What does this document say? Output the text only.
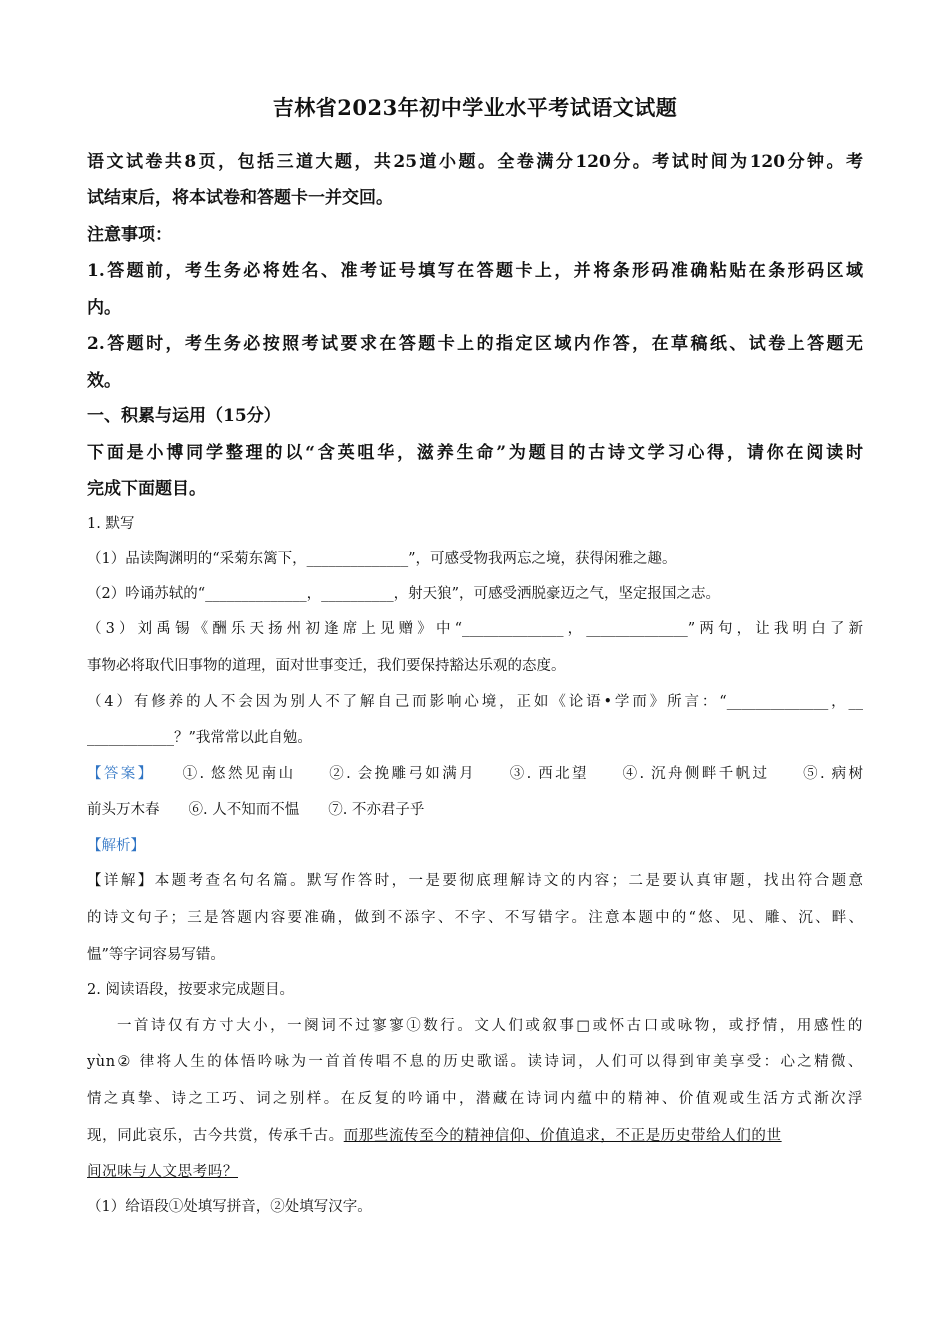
吉林省2023年初中学业水平考试语文试题
语文试卷共8页，包括三道大题，共25道小题。全卷满分120分。考试时间为120分钟。考
试结束后，将本试卷和答题卡一并交回。
注意事项：
1.答题前，考生务必将姓名、准考证号填写在答题卡上，并将条形码准确粘贴在条形码区域
内。
2.答题时，考生务必按照考试要求在答题卡上的指定区域内作答，在草稿纸、试卷上答题无
效。
一、积累与运用（15分）
下面是小博同学整理的以“含英咀华，滋养生命”为题目的古诗文学习心得，请你在阅读时
完成下面题目。
1. 默写
（1）品读陶渊明的“采菊东篱下，______________”，可感受物我两忘之境，获得闲雅之趣。
（2）吟诵苏轼的“______________，__________，射天狼”，可感受洒脱豪迈之气，坚定报国之志。
（3）刘禹锡《酬乐天扬州初逢席上见赠》中“______________，______________”两句，让我明白了新
事物必将取代旧事物的道理，面对世事变迁，我们要保持豁达乐观的态度。
（4）有修养的人不会因为别人不了解自己而影响心境，正如《论语•学而》所言：“______________，__
____________？”我常常以此自勉。
【答案】 ①. 悠然见南山　　②. 会挽雕弓如满月　　③. 西北望　　④. 沉舟侧畔千帆过　　⑤. 病树
前头万木春　　⑥. 人不知而不愠　　⑦. 不亦君子乎
【解析】
【详解】本题考查名句名篇。默写作答时，一是要彻底理解诗文的内容；二是要认真审题，找出符合题意
的诗文句子；三是答题内容要准确，做到不添字、不字、不写错字。注意本题中的“悠、见、雕、沉、畔、
愠”等字词容易写错。
2. 阅读语段，按要求完成题目。
一首诗仅有方寸大小，一阕词不过寥寥①数行。文人们或叙事□或怀古口或咏物，或抒情，用感性的
yùn② 律将人生的体悟吟咏为一首首传唱不息的历史歌谣。读诗词，人们可以得到审美享受：心之精微、
情之真挚、诗之工巧、词之别样。在反复的吟诵中，潜藏在诗词内蕴中的精神、价值观或生活方式渐次浮
现，同此哀乐，古今共赏，传承千古。而那些流传至今的精神信仰、价值追求，不正是历史带给人们的世
间况味与人文思考吗？
（1）给语段①处填写拼音，②处填写汉字。
